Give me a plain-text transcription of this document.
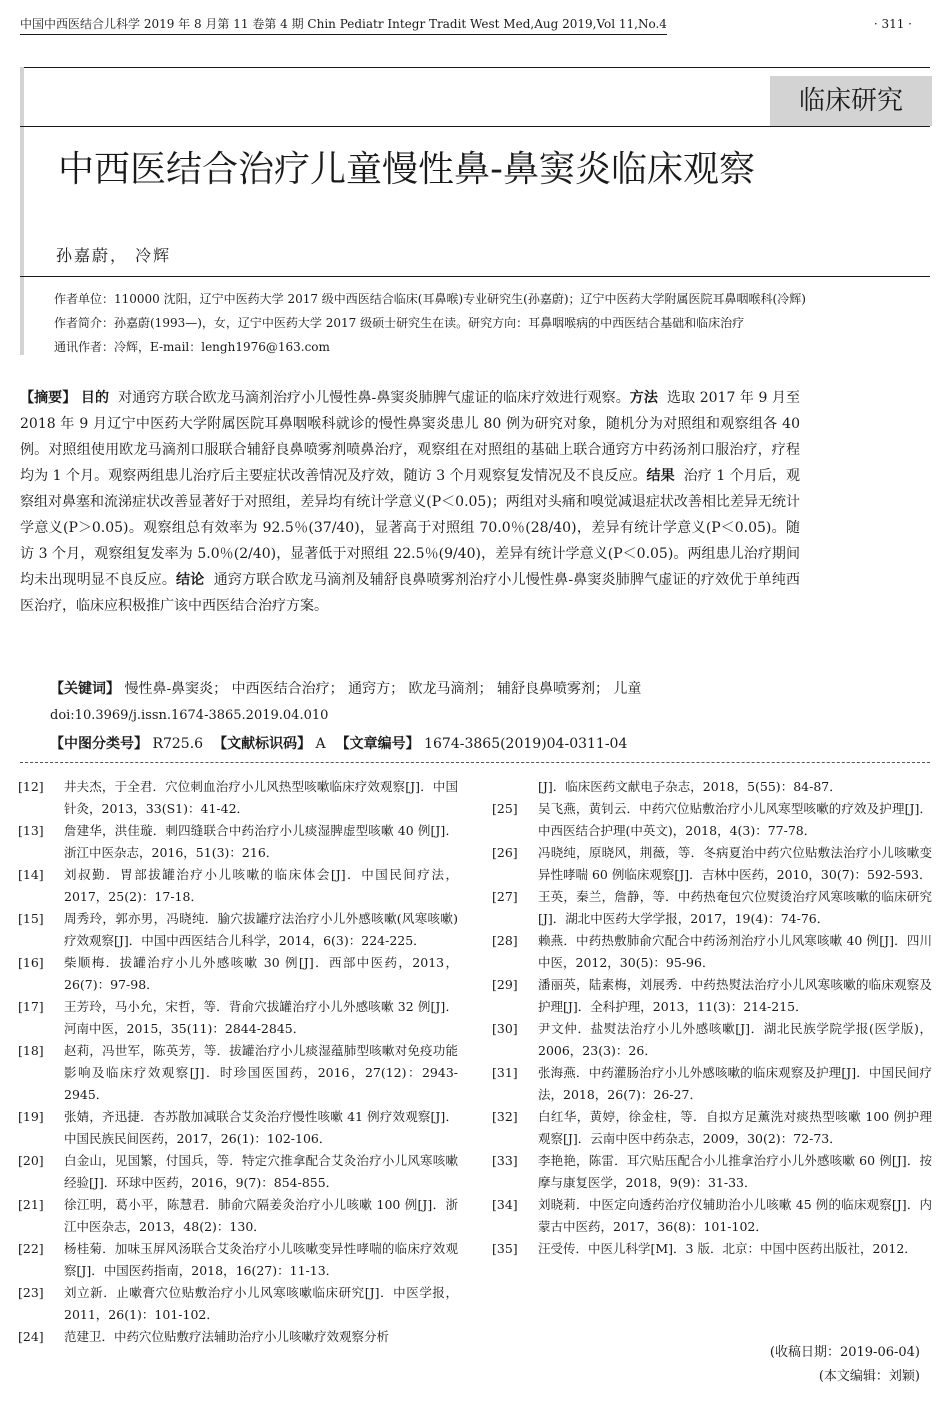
中国中西医结合儿科学 2019 年 8 月第 11 卷第 4 期 Chin Pediatr Integr Tradit West Med,Aug 2019,Vol 11,No.4	· 311 ·
临床研究
中西医结合治疗儿童慢性鼻-鼻窦炎临床观察
孙嘉蔚， 冷辉
作者单位：110000 沈阳，辽宁中医药大学 2017 级中西医结合临床(耳鼻喉)专业研究生(孙嘉蔚)；辽宁中医药大学附属医院耳鼻咽喉科(冷辉)
作者简介：孙嘉蔚(1993—)，女，辽宁中医药大学 2017 级硕士研究生在读。研究方向：耳鼻咽喉病的中西医结合基础和临床治疗
通讯作者：冷辉，E-mail：lengh1976@163.com
【摘要】 目的 对通窍方联合欧龙马滴剂治疗小儿慢性鼻-鼻窦炎肺脾气虚证的临床疗效进行观察。方法 选取 2017 年 9 月至 2018 年 9 月辽宁中医药大学附属医院耳鼻咽喉科就诊的慢性鼻窦炎患儿 80 例为研究对象，随机分为对照组和观察组各 40 例。对照组使用欧龙马滴剂口服联合辅舒良鼻喷雾剂喷鼻治疗，观察组在对照组的基础上联合通窍方中药汤剂口服治疗，疗程均为 1 个月。观察两组患儿治疗后主要症状改善情况及疗效，随访 3 个月观察复发情况及不良反应。结果 治疗 1 个月后，观察组对鼻塞和流涕症状改善显著好于对照组，差异均有统计学意义(P＜0.05)；两组对头痛和嗅觉减退症状改善相比差异无统计学意义(P＞0.05)。观察组总有效率为 92.5％(37/40)，显著高于对照组 70.0％(28/40)，差异有统计学意义(P＜0.05)。随访 3 个月，观察组复发率为 5.0％(2/40)，显著低于对照组 22.5％(9/40)，差异有统计学意义(P＜0.05)。两组患儿治疗期间均未出现明显不良反应。结论 通窍方联合欧龙马滴剂及辅舒良鼻喷雾剂治疗小儿慢性鼻-鼻窦炎肺脾气虚证的疗效优于单纯西医治疗，临床应积极推广该中西医结合治疗方案。
【关键词】 慢性鼻-鼻窦炎； 中西医结合治疗； 通窍方； 欧龙马滴剂； 辅舒良鼻喷雾剂； 儿童
doi:10.3969/j.issn.1674-3865.2019.04.010
【中图分类号】 R725.6 【文献标识码】 A 【文章编号】 1674-3865(2019)04-0311-04
[12] 井夫杰，于全君．穴位刺血治疗小儿风热型咳嗽临床疗效观察[J]．中国针灸，2013，33(S1)：41-42．
[13] 詹建华，洪佳璇．刺四缝联合中药治疗小儿痰湿脾虚型咳嗽 40 例[J]．浙江中医杂志，2016，51(3)：216．
[14] 刘叔勤．胃部拔罐治疗小儿咳嗽的临床体会[J]．中国民间疗法，2017，25(2)：17-18．
[15] 周秀玲，郭亦男，冯晓纯．腧穴拔罐疗法治疗小儿外感咳嗽(风寒咳嗽)疗效观察[J]．中国中西医结合儿科学，2014，6(3)：224-225．
[16] 柴顺梅．拔罐治疗小儿外感咳嗽 30 例[J]．西部中医药，2013，26(7)：97-98．
[17] 王芳玲，马小允，宋哲，等．背俞穴拔罐治疗小儿外感咳嗽 32 例[J]．河南中医，2015，35(11)：2844-2845．
[18] 赵莉，冯世军，陈英芳，等．拔罐治疗小儿痰湿蕴肺型咳嗽对免疫功能影响及临床疗效观察[J]．时珍国医国药，2016，27(12)：2943-2945．
[19] 张婧，齐迅捷．杏苏散加减联合艾灸治疗慢性咳嗽 41 例疗效观察[J]．中国民族民间医药，2017，26(1)：102-106．
[20] 白金山，见国繁，付国兵，等．特定穴推拿配合艾灸治疗小儿风寒咳嗽经验[J]．环球中医药，2016，9(7)：854-855．
[21] 徐江明，葛小平，陈慧君．肺俞穴隔姜灸治疗小儿咳嗽 100 例[J]．浙江中医杂志，2013，48(2)：130．
[22] 杨桂菊．加味玉屏风汤联合艾灸治疗小儿咳嗽变异性哮喘的临床疗效观察[J]．中国医药指南，2018，16(27)：11-13．
[23] 刘立新．止嗽膏穴位贴敷治疗小儿风寒咳嗽临床研究[J]．中医学报，2011，26(1)：101-102．
[24] 范建卫．中药穴位贴敷疗法辅助治疗小儿咳嗽疗效观察分析
[J]．临床医药文献电子杂志，2018，5(55)：84-87．
[25] 吴飞燕，黄钊云．中药穴位贴敷治疗小儿风寒型咳嗽的疗效及护理[J]．中西医结合护理(中英文)，2018，4(3)：77-78．
[26] 冯晓纯，原晓风，荆薇，等．冬病夏治中药穴位贴敷法治疗小儿咳嗽变异性哮喘 60 例临床观察[J]．吉林中医药，2010，30(7)：592-593．
[27] 王英，秦兰，詹静，等．中药热奄包穴位熨烫治疗风寒咳嗽的临床研究[J]．湖北中医药大学学报，2017，19(4)：74-76．
[28] 赖燕．中药热敷肺俞穴配合中药汤剂治疗小儿风寒咳嗽 40 例[J]．四川中医，2012，30(5)：95-96．
[29] 潘丽英，陆素梅，刘展秀．中药热熨法治疗小儿风寒咳嗽的临床观察及护理[J]．全科护理，2013，11(3)：214-215．
[30] 尹文仲．盐熨法治疗小儿外感咳嗽[J]．湖北民族学院学报(医学版)，2006，23(3)：26．
[31] 张海燕．中药灌肠治疗小儿外感咳嗽的临床观察及护理[J]．中国民间疗法，2018，26(7)：26-27．
[32] 白红华，黄婷，徐金柱，等．自拟方足薰洗对痰热型咳嗽 100 例护理观察[J]．云南中医中药杂志，2009，30(2)：72-73．
[33] 李艳艳，陈雷．耳穴贴压配合小儿推拿治疗小儿外感咳嗽 60 例[J]．按摩与康复医学，2018，9(9)：31-33．
[34] 刘晓莉．中医定向透药治疗仪辅助治小儿咳嗽 45 例的临床观察[J]．内蒙古中医药，2017，36(8)：101-102．
[35] 汪受传．中医儿科学[M]．3 版．北京：中国中医药出版社，2012．
(收稿日期：2019-06-04)
(本文编辑：刘颖)
